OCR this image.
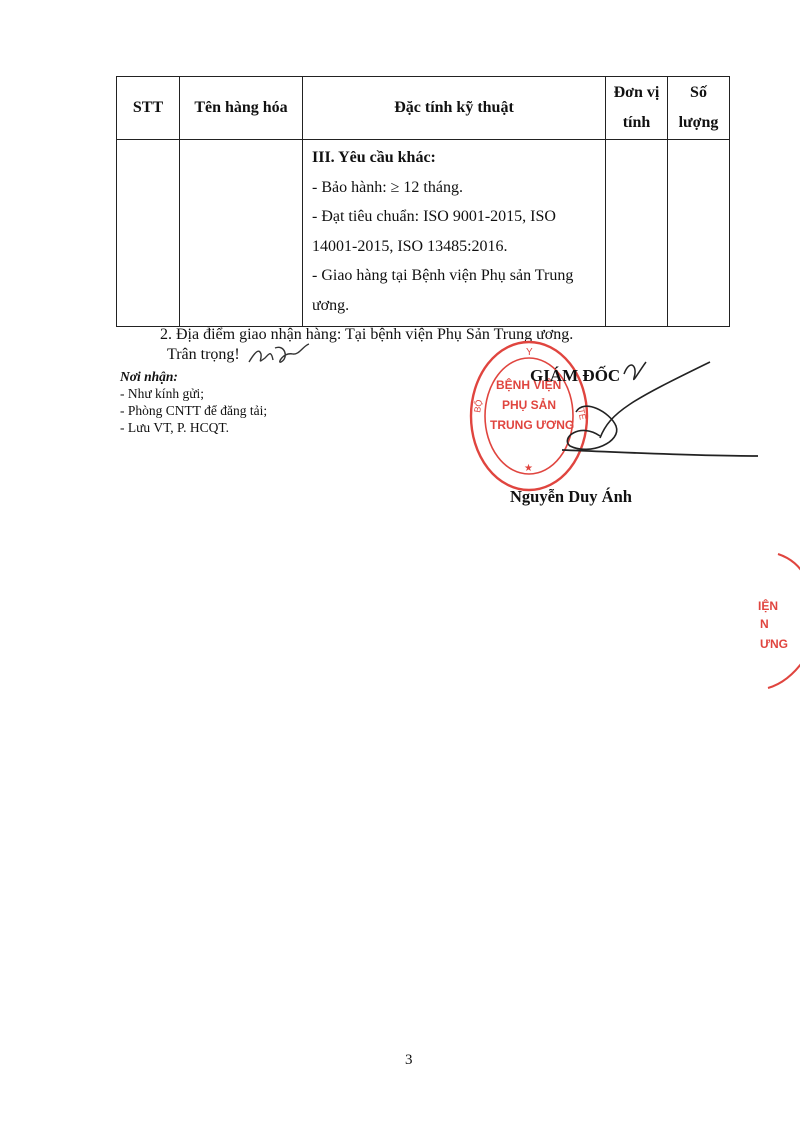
STT	Tên hàng hóa	Đặc tính kỹ thuật	Đơn vị tính	Số lượng

		III. Yêu cầu khác:
- Bảo hành: ≥ 12 tháng.
- Đạt tiêu chuẩn: ISO 9001-2015, ISO 14001-2015, ISO 13485:2016.
- Giao hàng tại Bệnh viện Phụ sản Trung ương.		

2. Địa điểm giao nhận hàng: Tại bệnh viện Phụ Sản Trung ương.
Trân trọng!
Nơi nhận:
- Như kính gửi;
- Phòng CNTT để đăng tải;
- Lưu VT, P. HCQT.
Y
BỘ
TẾ
BỆNH VIỆN
PHỤ SẢN
TRUNG ƯƠNG
★
GIÁM ĐỐC
Nguyễn Duy Ánh
IỆN
N
ƯNG
3
